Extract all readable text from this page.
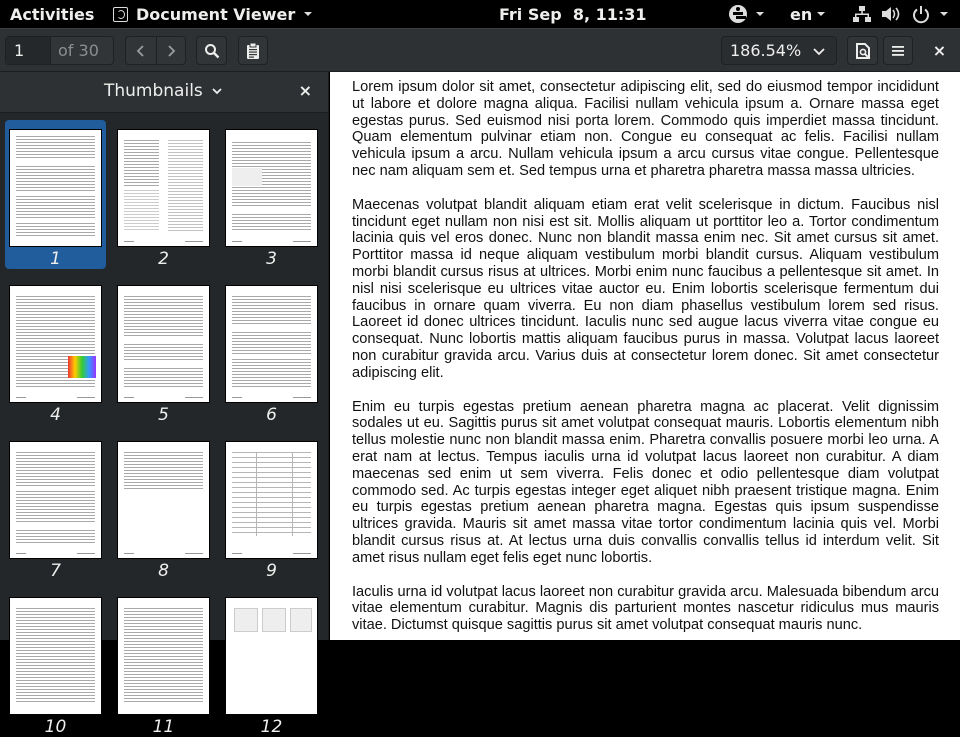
Activities	Document Viewer	Fri Sep  8, 11:31	en
1	of 30	186.54%	×
Thumbnails	×
1	2	3
4	5	6
7	8	9
10	11	12

Lorem ipsum dolor sit amet, consectetur adipiscing elit, sed do eiusmod tempor incididunt ut labore et dolore magna aliqua. Facilisi nullam vehicula ipsum a. Ornare massa eget egestas purus. Sed euismod nisi porta lorem. Commodo quis imperdiet massa tincidunt. Quam elementum pulvinar etiam non. Congue eu consequat ac felis. Facilisi nullam vehicula ipsum a arcu. Nullam vehicula ipsum a arcu cursus vitae congue. Pellentesque nec nam aliquam sem et. Sed tempus urna et pharetra pharetra massa massa ultricies.

Maecenas volutpat blandit aliquam etiam erat velit scelerisque in dictum. Faucibus nisl tincidunt eget nullam non nisi est sit. Mollis aliquam ut porttitor leo a. Tortor condimentum lacinia quis vel eros donec. Nunc non blandit massa enim nec. Sit amet cursus sit amet. Porttitor massa id neque aliquam vestibulum morbi blandit cursus. Aliquam vestibulum morbi blandit cursus risus at ultrices. Morbi enim nunc faucibus a pellentesque sit amet. In nisl nisi scelerisque eu ultrices vitae auctor eu. Enim lobortis scelerisque fermentum dui faucibus in ornare quam viverra. Eu non diam phasellus vestibulum lorem sed risus. Laoreet id donec ultrices tincidunt. Iaculis nunc sed augue lacus viverra vitae congue eu consequat. Nunc lobortis mattis aliquam faucibus purus in massa. Volutpat lacus laoreet non curabitur gravida arcu. Varius duis at consectetur lorem donec. Sit amet consectetur adipiscing elit.

Enim eu turpis egestas pretium aenean pharetra magna ac placerat. Velit dignissim sodales ut eu. Sagittis purus sit amet volutpat consequat mauris. Lobortis elementum nibh tellus molestie nunc non blandit massa enim. Pharetra convallis posuere morbi leo urna. A erat nam at lectus. Tempus iaculis urna id volutpat lacus laoreet non curabitur. A diam maecenas sed enim ut sem viverra. Felis donec et odio pellentesque diam volutpat commodo sed. Ac turpis egestas integer eget aliquet nibh praesent tristique magna. Enim eu turpis egestas pretium aenean pharetra magna. Egestas quis ipsum suspendisse ultrices gravida. Mauris sit amet massa vitae tortor condimentum lacinia quis vel. Morbi blandit cursus risus at. At lectus urna duis convallis convallis tellus id interdum velit. Sit amet risus nullam eget felis eget nunc lobortis.

Iaculis urna id volutpat lacus laoreet non curabitur gravida arcu. Malesuada bibendum arcu vitae elementum curabitur. Magnis dis parturient montes nascetur ridiculus mus mauris vitae. Dictumst quisque sagittis purus sit amet volutpat consequat mauris nunc.
